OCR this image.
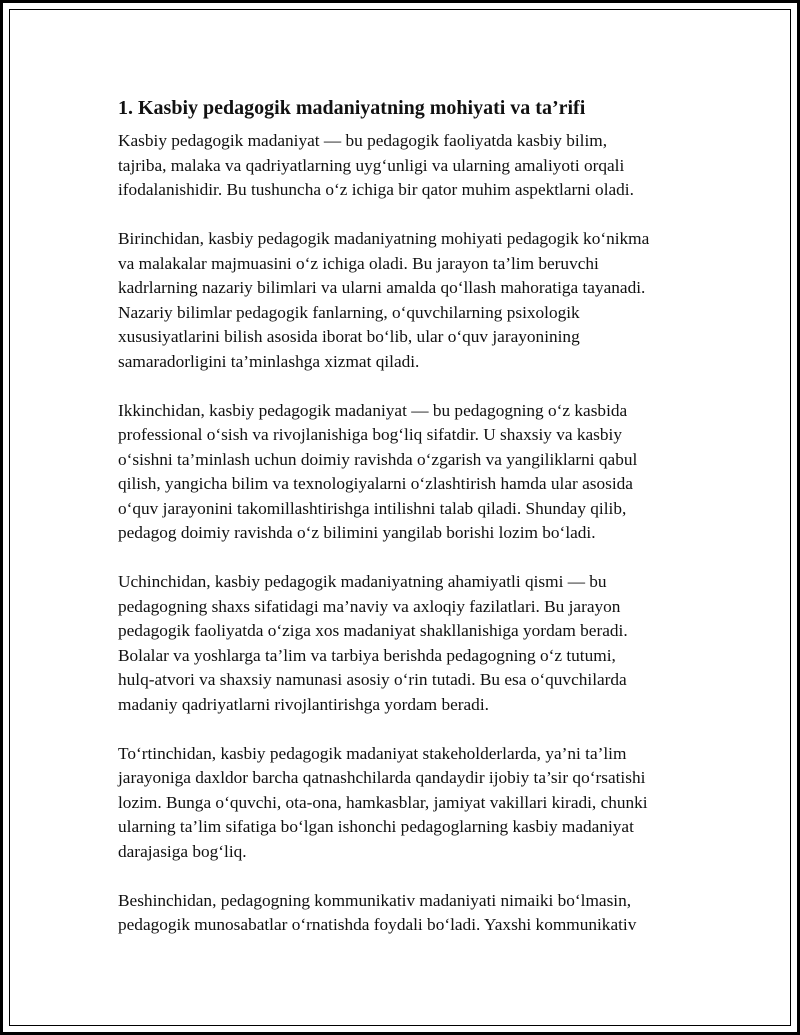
1. Kasbiy pedagogik madaniyatning mohiyati va ta’rifi

Kasbiy pedagogik madaniyat — bu pedagogik faoliyatda kasbiy bilim,
tajriba, malaka va qadriyatlarning uygʻunligi va ularning amaliyoti orqali
ifodalanishidir. Bu tushuncha oʻz ichiga bir qator muhim aspektlarni oladi.

Birinchidan, kasbiy pedagogik madaniyatning mohiyati pedagogik koʻnikma
va malakalar majmuasini oʻz ichiga oladi. Bu jarayon ta’lim beruvchi
kadrlarning nazariy bilimlari va ularni amalda qoʻllash mahoratiga tayanadi.
Nazariy bilimlar pedagogik fanlarning, oʻquvchilarning psixologik
xususiyatlarini bilish asosida iborat boʻlib, ular oʻquv jarayonining
samaradorligini ta’minlashga xizmat qiladi.

Ikkinchidan, kasbiy pedagogik madaniyat — bu pedagogning oʻz kasbida
professional oʻsish va rivojlanishiga bogʻliq sifatdir. U shaxsiy va kasbiy
oʻsishni ta’minlash uchun doimiy ravishda oʻzgarish va yangiliklarni qabul
qilish, yangicha bilim va texnologiyalarni oʻzlashtirish hamda ular asosida
oʻquv jarayonini takomillashtirishga intilishni talab qiladi. Shunday qilib,
pedagog doimiy ravishda oʻz bilimini yangilab borishi lozim boʻladi.

Uchinchidan, kasbiy pedagogik madaniyatning ahamiyatli qismi — bu
pedagogning shaxs sifatidagi ma’naviy va axloqiy fazilatlari. Bu jarayon
pedagogik faoliyatda oʻziga xos madaniyat shakllanishiga yordam beradi.
Bolalar va yoshlarga ta’lim va tarbiya berishda pedagogning oʻz tutumi,
hulq-atvori va shaxsiy namunasi asosiy oʻrin tutadi. Bu esa oʻquvchilarda
madaniy qadriyatlarni rivojlantirishga yordam beradi.

Toʻrtinchidan, kasbiy pedagogik madaniyat stakeholderlarda, ya’ni ta’lim
jarayoniga daxldor barcha qatnashchilarda qandaydir ijobiy ta’sir qoʻrsatishi
lozim. Bunga oʻquvchi, ota-ona, hamkasblar, jamiyat vakillari kiradi, chunki
ularning ta’lim sifatiga boʻlgan ishonchi pedagoglarning kasbiy madaniyat
darajasiga bogʻliq.

Beshinchidan, pedagogning kommunikativ madaniyati nimaiki boʻlmasin,
pedagogik munosabatlar oʻrnatishda foydali boʻladi. Yaxshi kommunikativ
